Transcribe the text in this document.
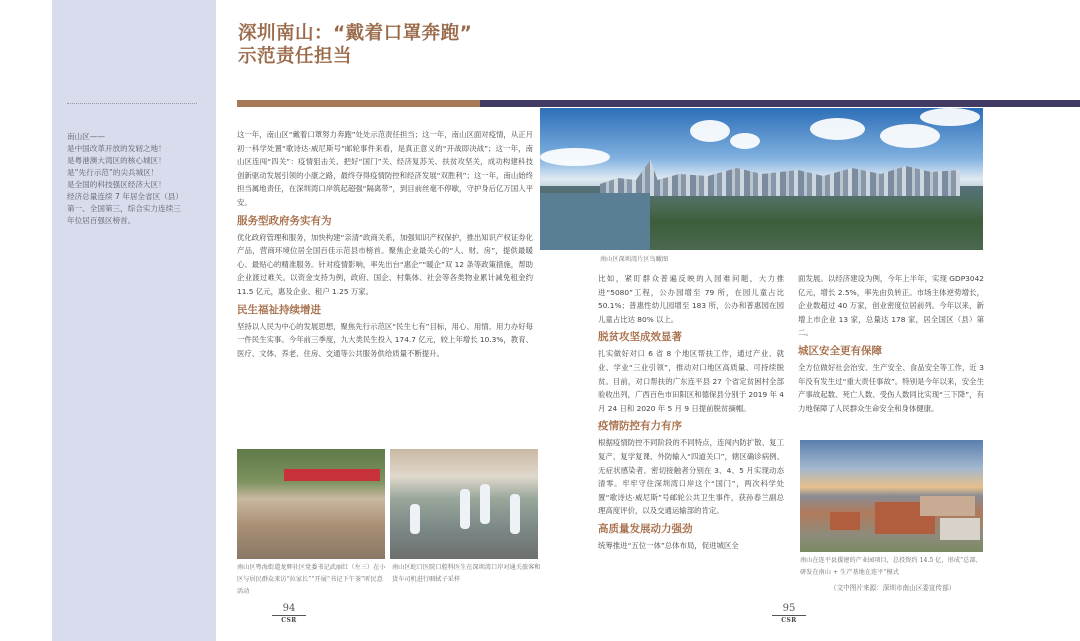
南山区——
是中国改革开放的发轫之地！
是粤港澳大湾区的核心城区！
是“先行示范”的尖兵城区！
是全国的科技强区经济大区！
经济总量连续 7 年居全省区（县）
第一、全国第三，综合实力连续三
年位居百强区榜首。
深圳南山：“戴着口罩奔跑”
示范责任担当

这一年，南山区“戴着口罩努力奔跑”处处示范责任担当；这一年，南山区面对疫情，从正月初一科学处置“歌诗达·威尼斯号”邮轮事件来看，是真正意义的“开战即决战”；这一年，南山区连闯“四关”：疫情狙击关、把好“国门”关、经济复苏关、扶贫攻坚关，成功构建科技创新驱动发展引领的小康之路，最终夺得疫情防控和经济发展“双胜利”；这一年，南山始终担当属地责任，在深圳湾口岸筑起超强“隔离带”，到目前丝毫不停歇，守护身后亿万国人平安。

服务型政府务实有为

优化政府管理和服务，加快构建“亲清”政商关系，加强知识产权保护，推出知识产权证券化产品，营商环境位居全国百佳示范县市榜首。聚焦企业最关心的“人、财、房”，提供最暖心、最贴心的精准服务。针对疫情影响，率先出台“惠企”“暖企”双 12 条等政策措施，帮助企业渡过难关。以资金支持为例，政府、国企、村集体、社会等各类物业累计减免租金约 11.5 亿元，惠及企业、租户 1.25 万家。

民生福祉持续增进

坚持以人民为中心的发展思想，聚焦先行示范区“民生七有”目标，用心、用情、用力办好每一件民生实事。今年前三季度，九大类民生投入 174.7 亿元，较上年增长 10.3%，教育、医疗、文体、养老、住房、交通等公共服务供给质量不断提升。

南山区深圳湾片区鸟瞰图
南山区粤海街道龙辉社区党委书记武丽红（左三）在小区与居民群众来访“拉家长”“开展“书记下午茶”听民意活动
南山区蛇口医院口腔科医生在深圳湾口岸对通关旅客和货车司机进行咽拭子采样

比如，紧盯群众普遍反映的入园难问题，大力推进“5080”工程，公办园增至 79 所，在园儿童占比 50.1%；普惠性幼儿园增至 183 所，公办和普惠园在园儿童占比达 80% 以上。

脱贫攻坚成效显著

扎实做好对口 6 省 8 个地区帮扶工作，通过产业、就业、学业“三业引领”，推动对口地区高质量、可持续脱贫。目前，对口帮扶的广东连平县 27 个省定贫困村全部验收出列，广西百色市田阳区和德保县分别于 2019 年 4 月 24 日和 2020 年 5 月 9 日提前脱贫摘帽。

疫情防控有力有序

根据疫情防控不同阶段的不同特点，连闯内防扩散、复工复产、复学复课、外防输入“四道关口”，辖区确诊病例、无症状感染者、密切接触者分别在 3、4、5 月实现动态清零。牢牢守住深圳湾口岸这个“国门”，两次科学处置“歌诗达·威尼斯”号邮轮公共卫生事件，获孙春兰副总理高度评价，以及交通运输部的肯定。

高质量发展动力强劲

统筹推进“五位一体”总体布局，促进城区全

面发展。以经济建设为例，今年上半年，实现 GDP3042 亿元，增长 2.5%，率先由负转正。市场主体逆势增长，企业数超过 40 万家，创业密度位居前列。今年以来，新增上市企业 13 家，总量达 178 家，居全国区（县）第二。

城区安全更有保障

全方位做好社会治安、生产安全、食品安全等工作，近 3 年没有发生过“重大责任事故”。特别是今年以来，安全生产事故起数、死亡人数、受伤人数同比实现“三下降”，有力地保障了人民群众生命安全和身体健康。

南山在连平县援建的产业园项目，总投资约 14.5 亿，形成“总部、研发在南山 + 生产基地在连平”模式
（文中图片来源：深圳市南山区委宣传部）
94
CSR
95
CSR
